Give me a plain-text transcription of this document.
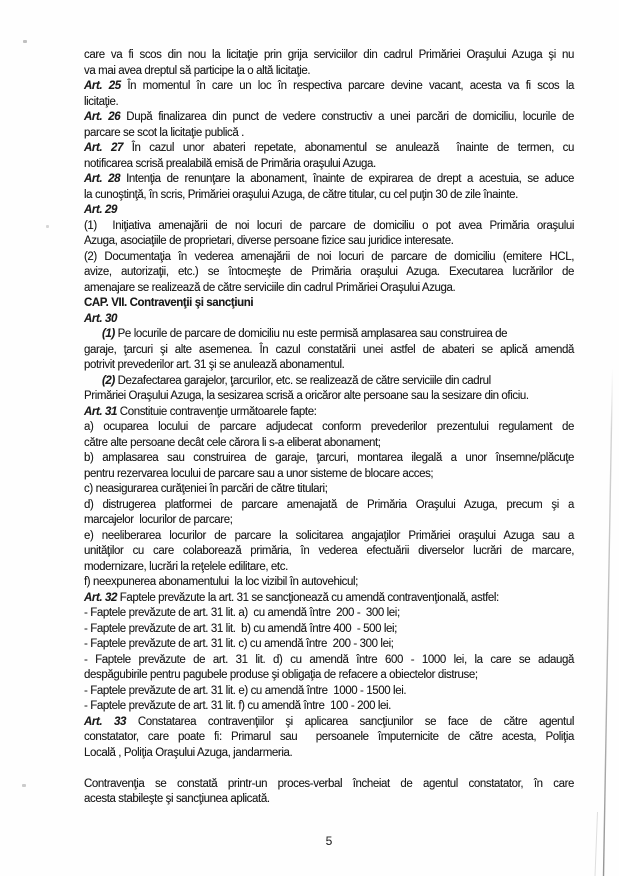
care va fi scos din nou la licitaţie prin grija serviciilor din cadrul Primăriei Oraşului Azuga şi nu
va mai avea dreptul să participe la o altă licitaţie.
Art. 25 În momentul în care un loc în respectiva parcare devine vacant, acesta va fi scos la
licitaţie.
Art. 26 După finalizarea din punct de vedere constructiv a unei parcări de domiciliu, locurile de
parcare se scot la licitaţie publică .
Art. 27 În cazul unor abateri repetate, abonamentul se anulează  înainte de termen, cu
notificarea scrisă prealabilă emisă de Primăria oraşului Azuga.
Art. 28 Intenţia de renunţare la abonament, înainte de expirarea de drept a acestuia, se aduce
la cunoştinţă, în scris, Primăriei oraşului Azuga, de către titular, cu cel puţin 30 de zile înainte.
Art. 29
(1)  Iniţiativa amenajării de noi locuri de parcare de domiciliu o pot avea Primăria oraşului
Azuga, asociaţiile de proprietari, diverse persoane fizice sau juridice interesate.
(2) Documentaţia în vederea amenajării de noi locuri de parcare de domiciliu (emitere HCL,
avize, autorizaţii, etc.) se întocmeşte de Primăria oraşului Azuga. Executarea lucrărilor de
amenajare se realizează de către serviciile din cadrul Primăriei Oraşului Azuga.
CAP. VII. Contravenţii şi sancţiuni
Art. 30
(1) Pe locurile de parcare de domiciliu nu este permisă amplasarea sau construirea de
garaje, ţarcuri şi alte asemenea. În cazul constatării unei astfel de abateri se aplică amendă
potrivit prevederilor art. 31 şi se anulează abonamentul.
(2) Dezafectarea garajelor, ţarcurilor, etc. se realizează de către serviciile din cadrul
Primăriei Oraşului Azuga, la sesizarea scrisă a oricăror alte persoane sau la sesizare din oficiu.
Art. 31 Constituie contravenţie următoarele fapte:
a) ocuparea locului de parcare adjudecat conform prevederilor prezentului regulament de
către alte persoane decât cele cărora li s-a eliberat abonament;
b) amplasarea sau construirea de garaje, ţarcuri, montarea ilegală a unor însemne/plăcuţe
pentru rezervarea locului de parcare sau a unor sisteme de blocare acces;
c) neasigurarea curăţeniei în parcări de către titulari;
d) distrugerea platformei de parcare amenajată de Primăria Oraşului Azuga, precum şi a
marcajelor  locurilor de parcare;
e) neeliberarea locurilor de parcare la solicitarea angajaţilor Primăriei oraşului Azuga sau a
unităţilor cu care colaborează primăria, în vederea efectuării diverselor lucrări de marcare,
modernizare, lucrări la reţelele edilitare, etc.
f) neexpunerea abonamentului  la loc vizibil în autovehicul;
Art. 32 Faptele prevăzute la art. 31 se sancţionează cu amendă contravenţională, astfel:
- Faptele prevăzute de art. 31 lit. a)  cu amendă între  200 -  300 lei;
- Faptele prevăzute de art. 31 lit.  b) cu amendă între 400  - 500 lei;
- Faptele prevăzute de art. 31 lit. c) cu amendă între  200 - 300 lei;
- Faptele prevăzute de art. 31 lit. d) cu amendă între 600 - 1000 lei, la care se adaugă
despăgubirile pentru pagubele produse şi obligaţia de refacere a obiectelor distruse;
- Faptele prevăzute de art. 31 lit. e) cu amendă între  1000 - 1500 lei.
- Faptele prevăzute de art. 31 lit. f) cu amendă între  100 - 200 lei.
Art. 33 Constatarea contravenţiilor şi aplicarea sancţiunilor se face de către agentul
constatator, care poate fi: Primarul sau  persoanele împuternicite de către acesta, Poliţia
Locală , Poliţia Oraşului Azuga, jandarmeria.
Contravenţia se constată printr-un proces-verbal încheiat de agentul constatator, în care
acesta stabileşte şi sancţiunea aplicată.
5
